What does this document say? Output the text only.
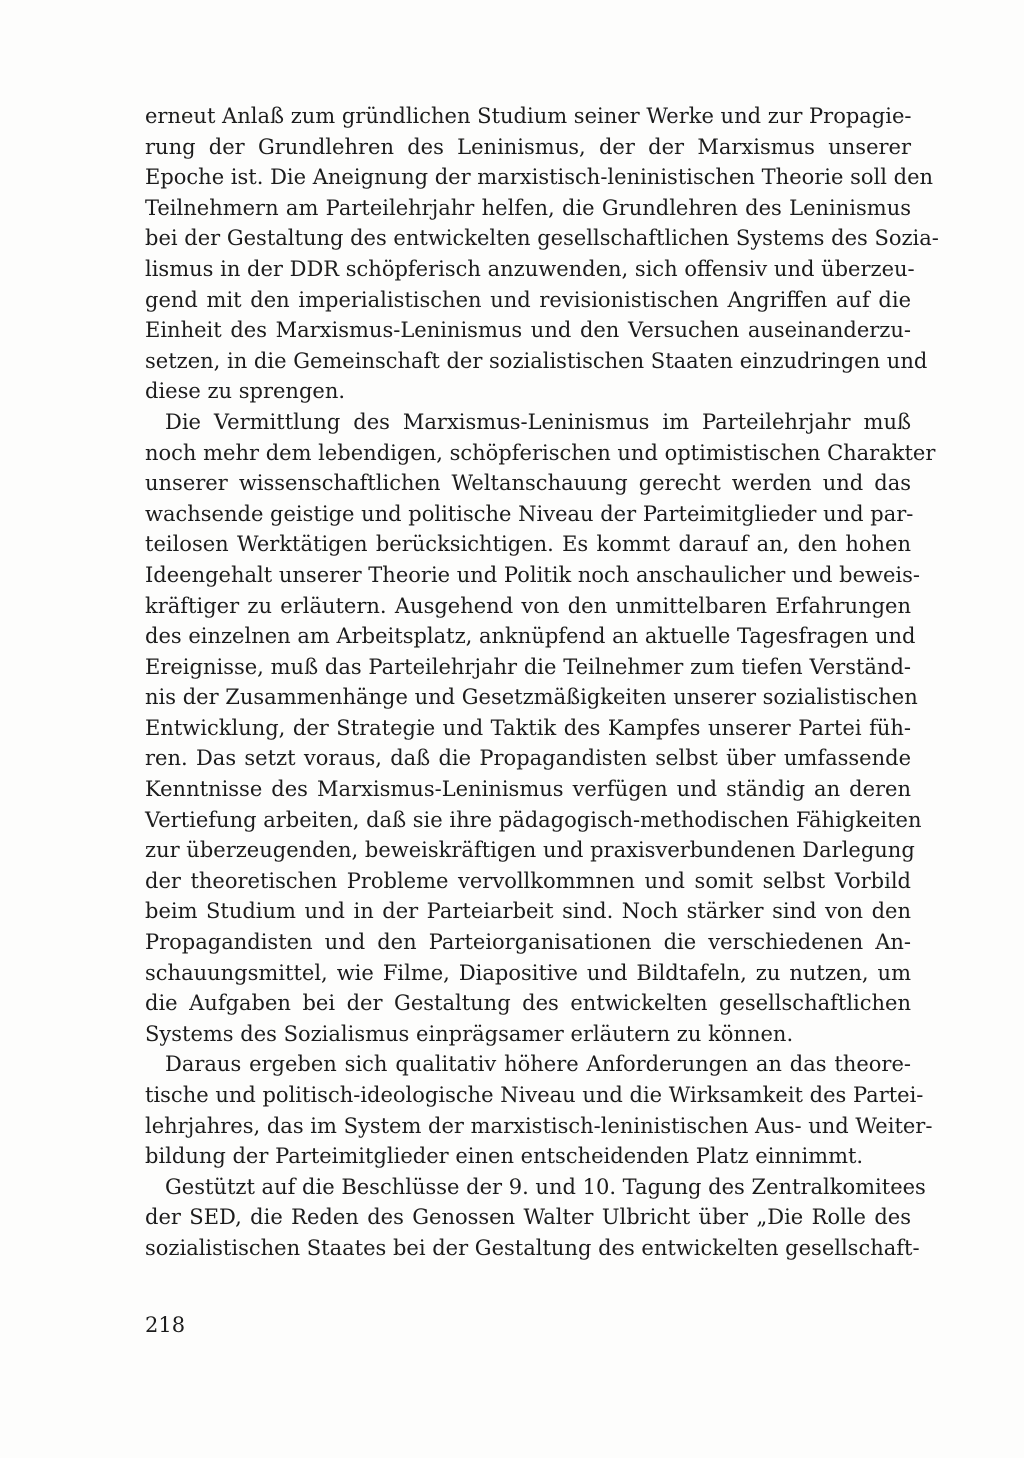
erneut Anlaß zum gründlichen Studium seiner Werke und zur Propagie-
rung der Grundlehren des Leninismus, der der Marxismus unserer
Epoche ist. Die Aneignung der marxistisch-leninistischen Theorie soll den
Teilnehmern am Parteilehrjahr helfen, die Grundlehren des Leninismus
bei der Gestaltung des entwickelten gesellschaftlichen Systems des Sozia-
lismus in der DDR schöpferisch anzuwenden, sich offensiv und überzeu-
gend mit den imperialistischen und revisionistischen Angriffen auf die
Einheit des Marxismus-Leninismus und den Versuchen auseinanderzu-
setzen, in die Gemeinschaft der sozialistischen Staaten einzudringen und
diese zu sprengen.
Die Vermittlung des Marxismus-Leninismus im Parteilehrjahr muß
noch mehr dem lebendigen, schöpferischen und optimistischen Charakter
unserer wissenschaftlichen Weltanschauung gerecht werden und das
wachsende geistige und politische Niveau der Parteimitglieder und par-
teilosen Werktätigen berücksichtigen. Es kommt darauf an, den hohen
Ideengehalt unserer Theorie und Politik noch anschaulicher und beweis-
kräftiger zu erläutern. Ausgehend von den unmittelbaren Erfahrungen
des einzelnen am Arbeitsplatz, anknüpfend an aktuelle Tagesfragen und
Ereignisse, muß das Parteilehrjahr die Teilnehmer zum tiefen Verständ-
nis der Zusammenhänge und Gesetzmäßigkeiten unserer sozialistischen
Entwicklung, der Strategie und Taktik des Kampfes unserer Partei füh-
ren. Das setzt voraus, daß die Propagandisten selbst über umfassende
Kenntnisse des Marxismus-Leninismus verfügen und ständig an deren
Vertiefung arbeiten, daß sie ihre pädagogisch-methodischen Fähigkeiten
zur überzeugenden, beweiskräftigen und praxisverbundenen Darlegung
der theoretischen Probleme vervollkommnen und somit selbst Vorbild
beim Studium und in der Parteiarbeit sind. Noch stärker sind von den
Propagandisten und den Parteiorganisationen die verschiedenen An-
schauungsmittel, wie Filme, Diapositive und Bildtafeln, zu nutzen, um
die Aufgaben bei der Gestaltung des entwickelten gesellschaftlichen
Systems des Sozialismus einprägsamer erläutern zu können.
Daraus ergeben sich qualitativ höhere Anforderungen an das theore-
tische und politisch-ideologische Niveau und die Wirksamkeit des Partei-
lehrjahres, das im System der marxistisch-leninistischen Aus- und Weiter-
bildung der Parteimitglieder einen entscheidenden Platz einnimmt.
Gestützt auf die Beschlüsse der 9. und 10. Tagung des Zentralkomitees
der SED, die Reden des Genossen Walter Ulbricht über „Die Rolle des
sozialistischen Staates bei der Gestaltung des entwickelten gesellschaft-
218
